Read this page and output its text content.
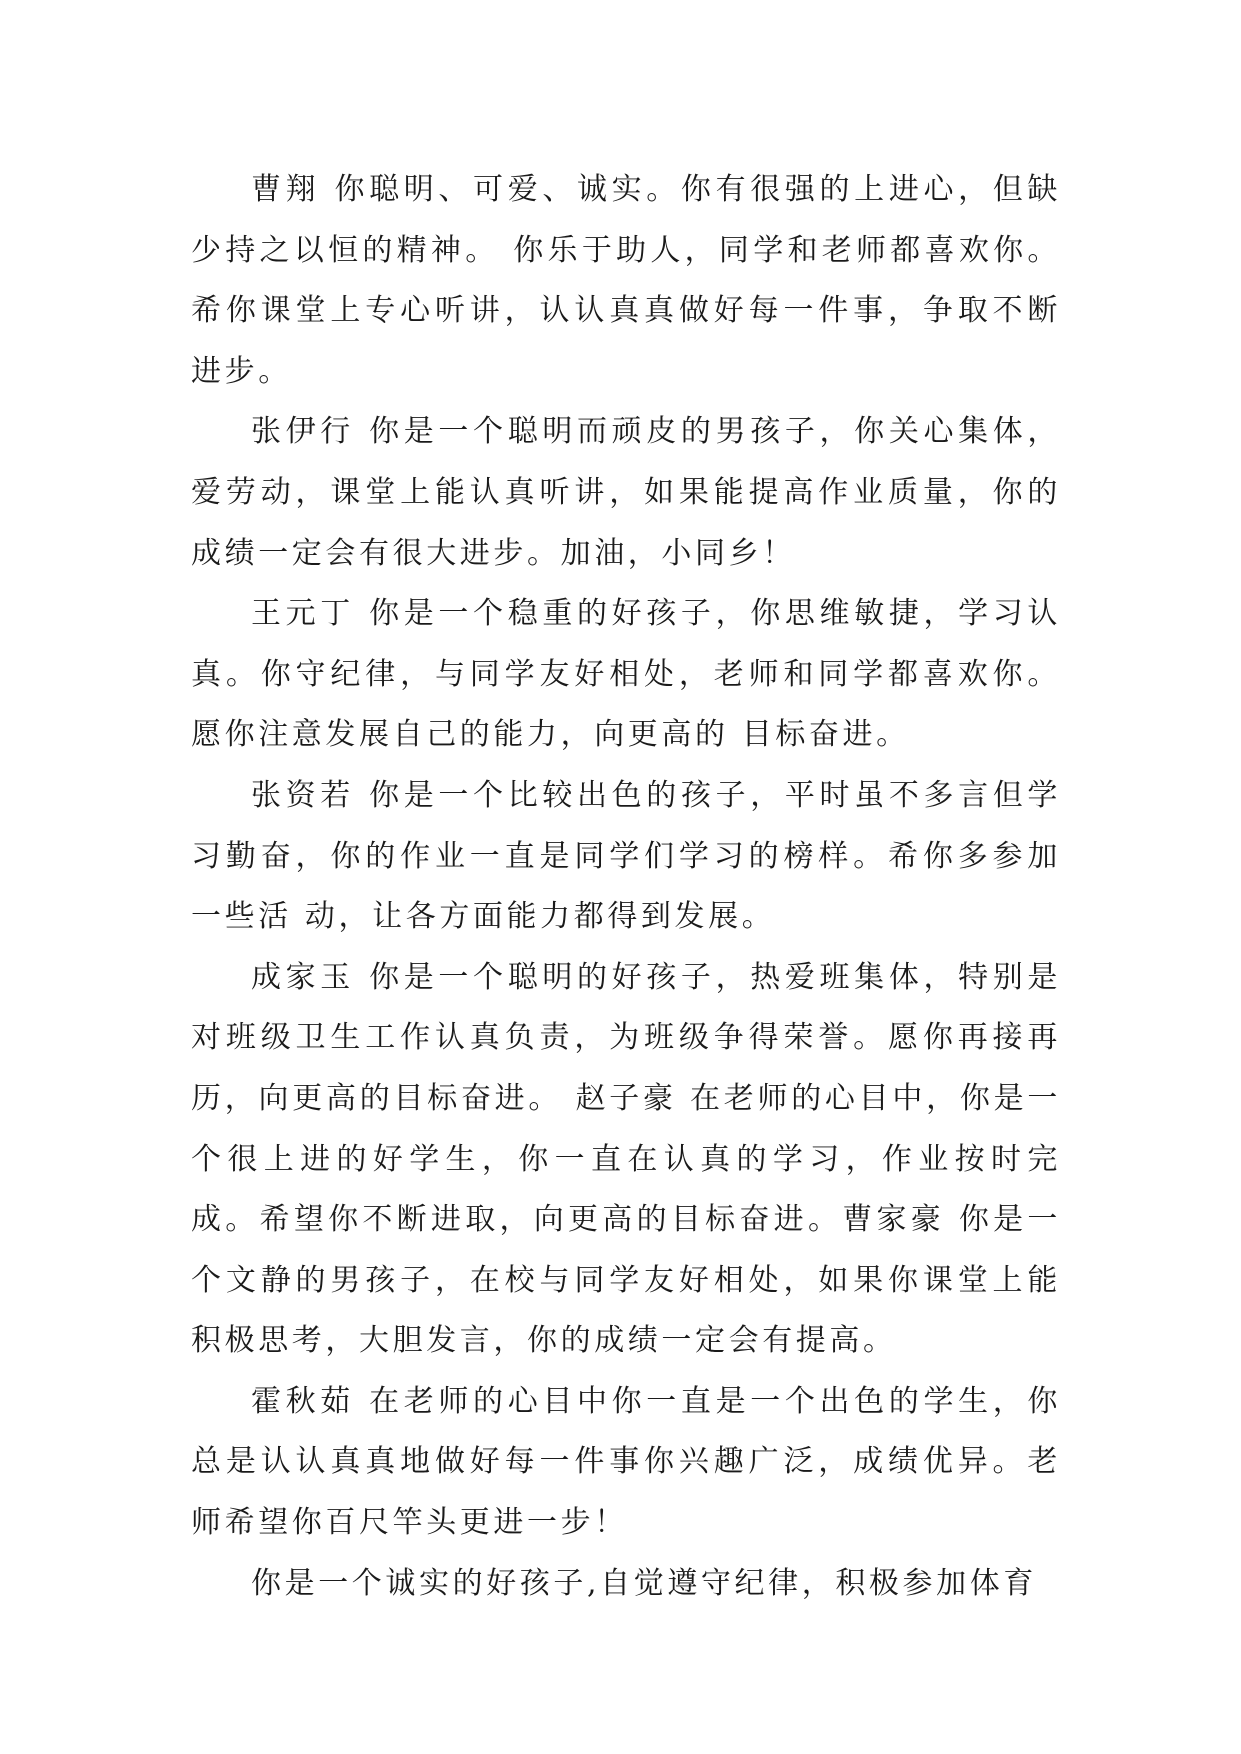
曹翔 你聪明、可爱、诚实。你有很强的上进心，但缺少持之以恒的精神。 你乐于助人，同学和老师都喜欢你。希你课堂上专心听讲，认认真真做好每一件事，争取不断进步。

张伊行 你是一个聪明而顽皮的男孩子，你关心集体，爱劳动，课堂上能认真听讲，如果能提高作业质量，你的成绩一定会有很大进步。加油，小同乡！

王元丁 你是一个稳重的好孩子，你思维敏捷，学习认真。你守纪律，与同学友好相处，老师和同学都喜欢你。愿你注意发展自己的能力，向更高的 目标奋进。

张资若 你是一个比较出色的孩子，平时虽不多言但学习勤奋，你的作业一直是同学们学习的榜样。希你多参加一些活 动，让各方面能力都得到发展。

成家玉 你是一个聪明的好孩子，热爱班集体，特别是对班级卫生工作认真负责，为班级争得荣誉。愿你再接再历，向更高的目标奋进。 赵子豪 在老师的心目中，你是一个很上进的好学生，你一直在认真的学习，作业按时完成。希望你不断进取，向更高的目标奋进。曹家豪 你是一个文静的男孩子，在校与同学友好相处，如果你课堂上能积极思考，大胆发言，你的成绩一定会有提高。

霍秋茹 在老师的心目中你一直是一个出色的学生，你总是认认真真地做好每一件事你兴趣广泛，成绩优异。老师希望你百尺竿头更进一步！

你是一个诚实的好孩子,自觉遵守纪律，积极参加体育
